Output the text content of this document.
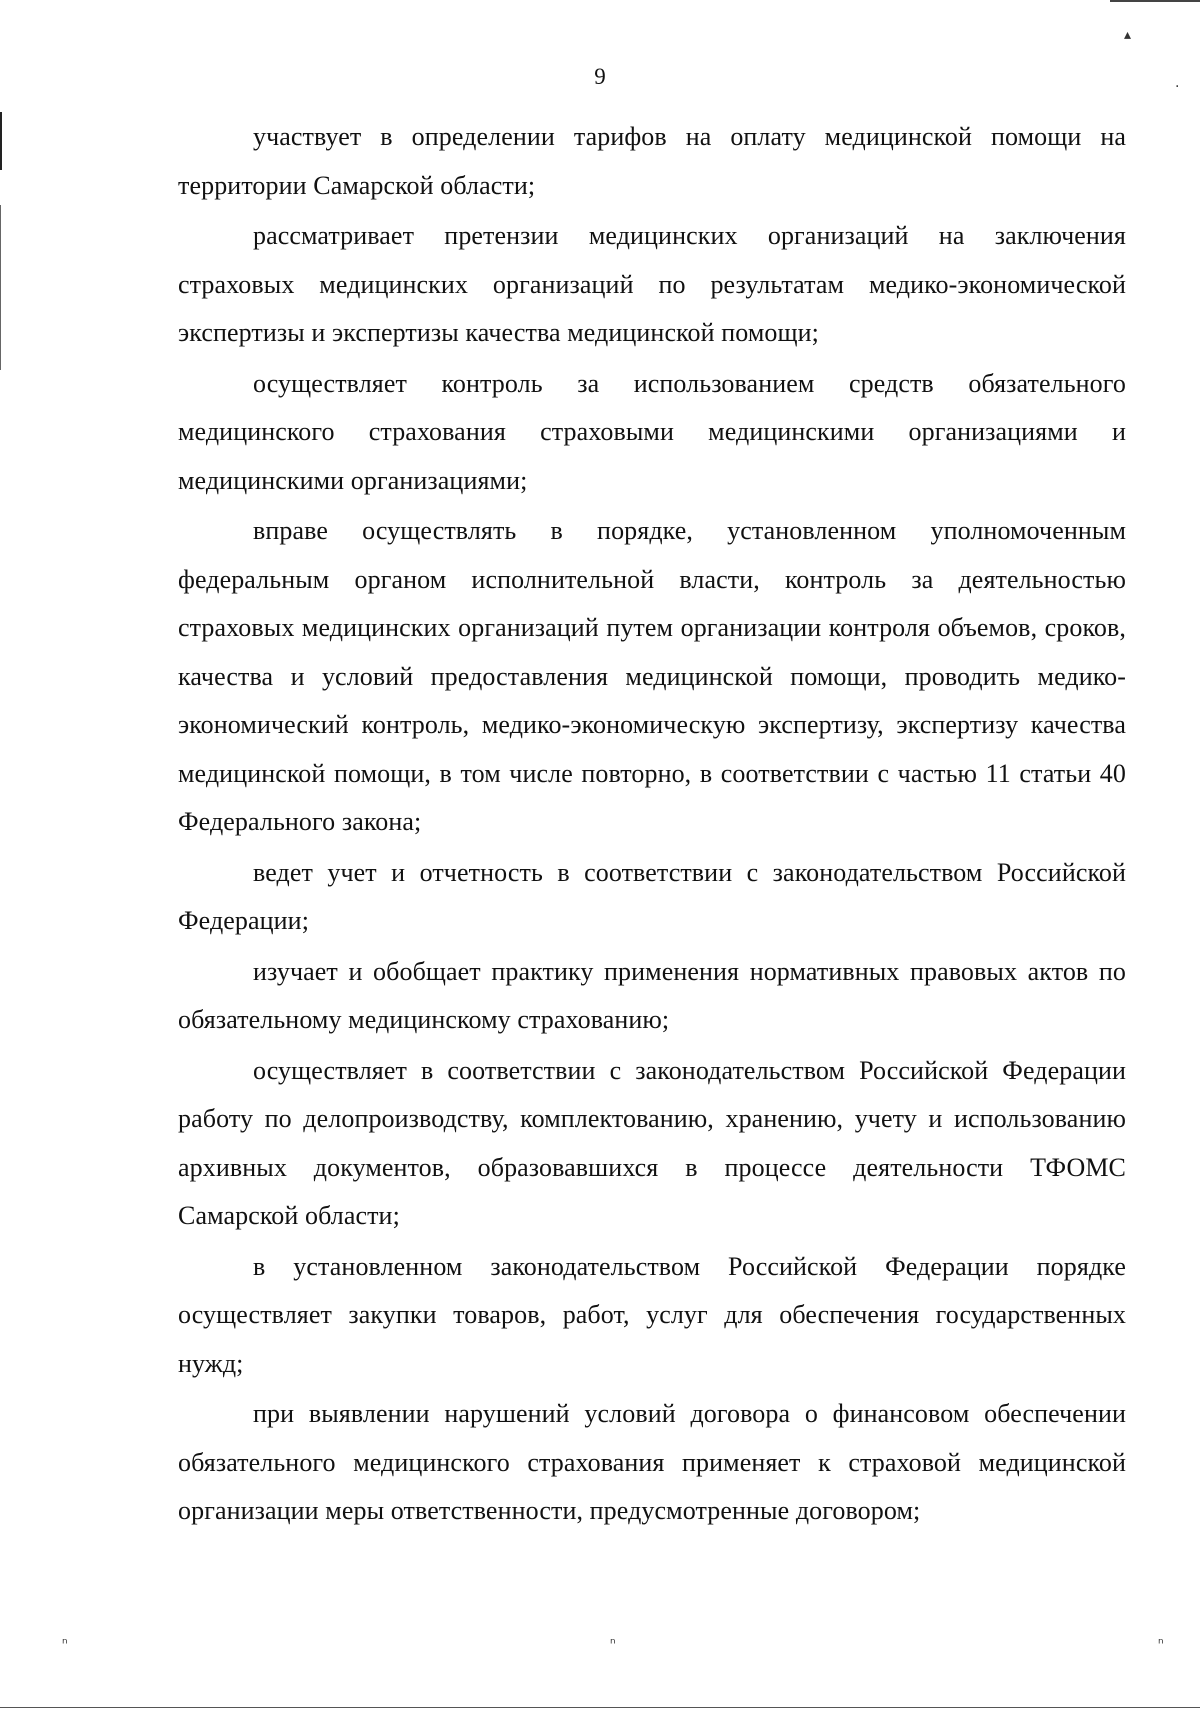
▴
·
ⁿ	ⁿ	ⁿ
9

участвует в определении тарифов на оплату медицинской помощи на территории Самарской области;

рассматривает претензии медицинских организаций на заключения страховых медицинских организаций по результатам медико-экономической экспертизы и экспертизы качества медицинской помощи;

осуществляет контроль за использованием средств обязательного медицинского страхования страховыми медицинскими организациями и медицинскими организациями;

вправе осуществлять в порядке, установленном уполномоченным федеральным органом исполнительной власти, контроль за деятельностью страховых медицинских организаций путем организации контроля объемов, сроков, качества и условий предоставления медицинской помощи, проводить медико-экономический контроль, медико-экономическую экспертизу, экспертизу качества медицинской помощи, в том числе повторно, в соответствии с частью 11 статьи 40 Федерального закона;

ведет учет и отчетность в соответствии с законодательством Российской Федерации;

изучает и обобщает практику применения нормативных правовых актов по обязательному медицинскому страхованию;

осуществляет в соответствии с законодательством Российской Федерации работу по делопроизводству, комплектованию, хранению, учету и использованию архивных документов, образовавшихся в процессе деятельности ТФОМС Самарской области;

в установленном законодательством Российской Федерации порядке осуществляет закупки товаров, работ, услуг для обеспечения государственных нужд;

при выявлении нарушений условий договора о финансовом обеспечении обязательного медицинского страхования применяет к страховой медицинской организации меры ответственности, предусмотренные договором;
